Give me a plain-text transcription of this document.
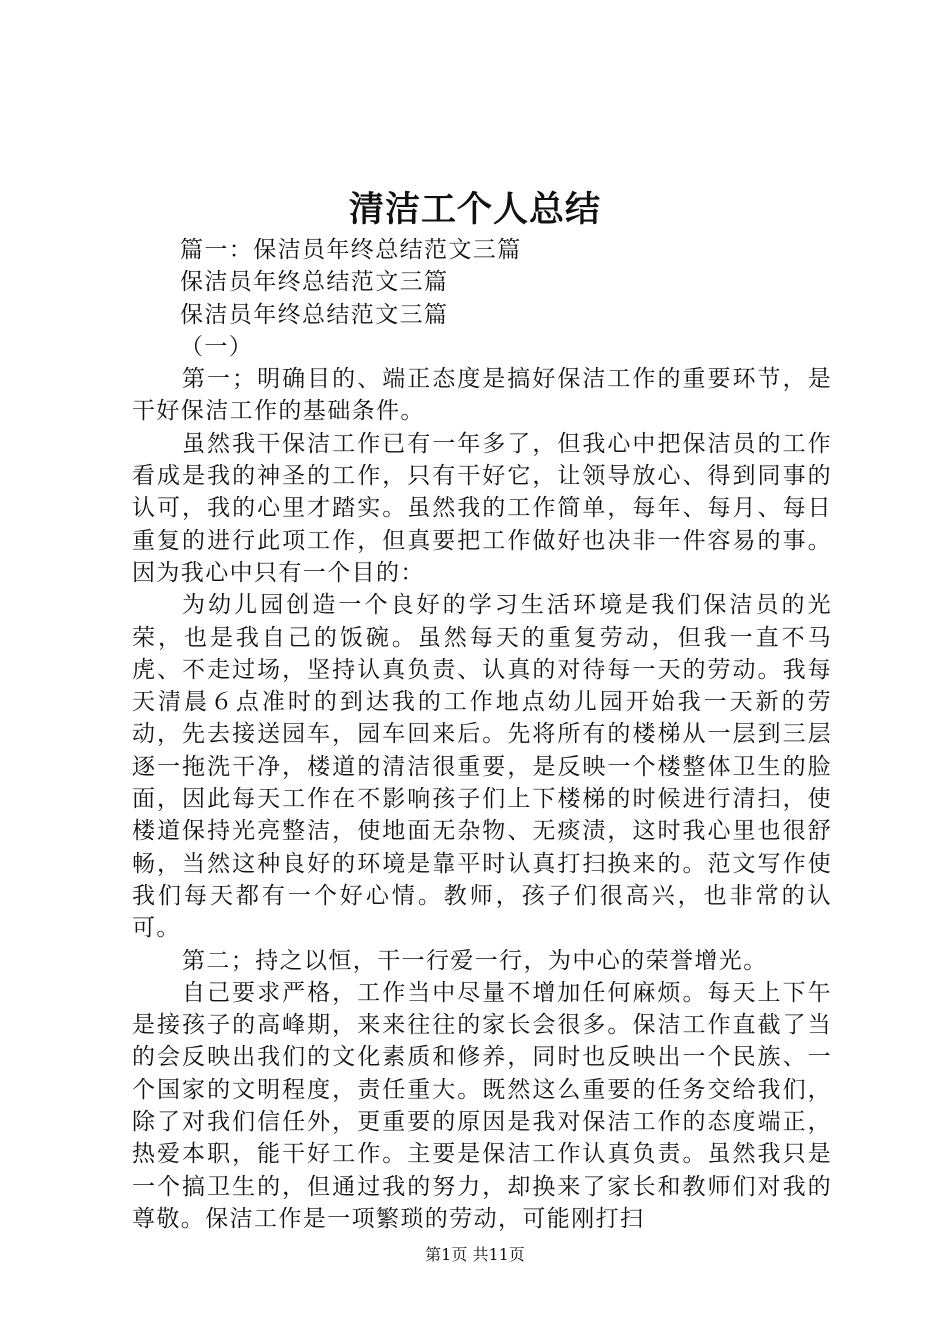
清洁工个人总结

篇一：保洁员年终总结范文三篇

保洁员年终总结范文三篇

保洁员年终总结范文三篇

（一）

第一；明确目的、端正态度是搞好保洁工作的重要环节，是干好保洁工作的基础条件。

虽然我干保洁工作已有一年多了，但我心中把保洁员的工作看成是我的神圣的工作，只有干好它，让领导放心、得到同事的认可，我的心里才踏实。虽然我的工作简单，每年、每月、每日重复的进行此项工作，但真要把工作做好也决非一件容易的事。因为我心中只有一个目的：

为幼儿园创造一个良好的学习生活环境是我们保洁员的光荣，也是我自己的饭碗。虽然每天的重复劳动，但我一直不马虎、不走过场，坚持认真负责、认真的对待每一天的劳动。我每天清晨６点准时的到达我的工作地点幼儿园开始我一天新的劳动，先去接送园车，园车回来后。先将所有的楼梯从一层到三层逐一拖洗干净，楼道的清洁很重要，是反映一个楼整体卫生的脸面，因此每天工作在不影响孩子们上下楼梯的时候进行清扫，使楼道保持光亮整洁，使地面无杂物、无痰渍，这时我心里也很舒畅，当然这种良好的环境是靠平时认真打扫换来的。范文写作使我们每天都有一个好心情。教师，孩子们很高兴，也非常的认可。

第二；持之以恒，干一行爱一行，为中心的荣誉增光。

自己要求严格，工作当中尽量不增加任何麻烦。每天上下午是接孩子的高峰期，来来往往的家长会很多。保洁工作直截了当的会反映出我们的文化素质和修养，同时也反映出一个民族、一个国家的文明程度，责任重大。既然这么重要的任务交给我们，除了对我们信任外，更重要的原因是我对保洁工作的态度端正，热爱本职，能干好工作。主要是保洁工作认真负责。虽然我只是一个搞卫生的，但通过我的努力，却换来了家长和教师们对我的尊敬。保洁工作是一项繁琐的劳动，可能刚打扫

第1页 共11页
